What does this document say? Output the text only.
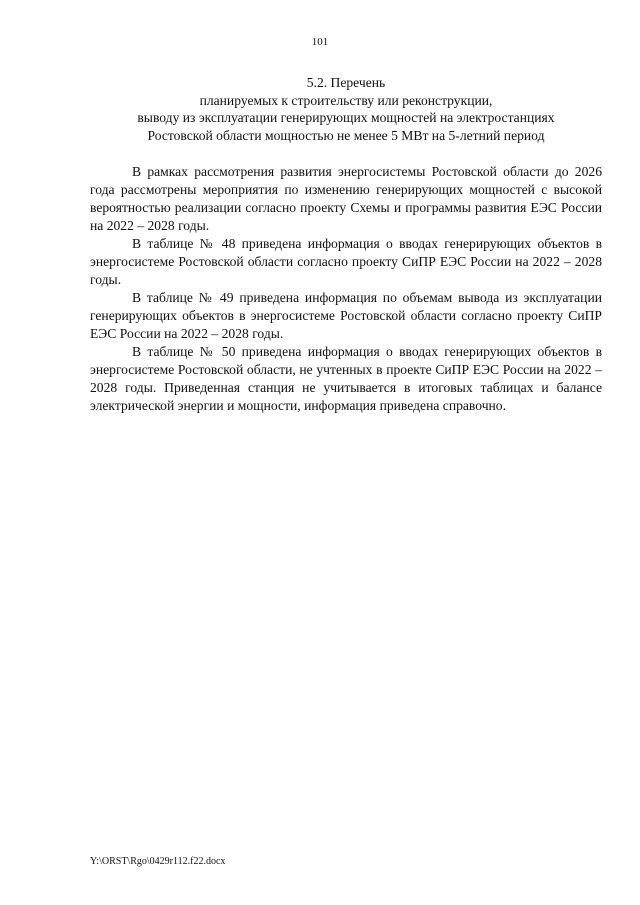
101
5.2. Перечень
планируемых к строительству или реконструкции,
выводу из эксплуатации генерирующих мощностей на электростанциях
Ростовской области мощностью не менее 5 МВт на 5-летний период

В рамках рассмотрения развития энергосистемы Ростовской области до 2026 года рассмотрены мероприятия по изменению генерирующих мощностей с высокой вероятностью реализации согласно проекту Схемы и программы развития ЕЭС России на 2022 – 2028 годы.

В таблице № 48 приведена информация о вводах генерирующих объектов в энергосистеме Ростовской области согласно проекту СиПР ЕЭС России на 2022 – 2028 годы.

В таблице № 49 приведена информация по объемам вывода из эксплуатации генерирующих объектов в энергосистеме Ростовской области согласно проекту СиПР ЕЭС России на 2022 – 2028 годы.

В таблице № 50 приведена информация о вводах генерирующих объектов в энергосистеме Ростовской области, не учтенных в проекте СиПР ЕЭС России на 2022 – 2028 годы. Приведенная станция не учитывается в итоговых таблицах и балансе электрической энергии и мощности, информация приведена справочно.

Y:\ORST\Rgo\0429r112.f22.docx
